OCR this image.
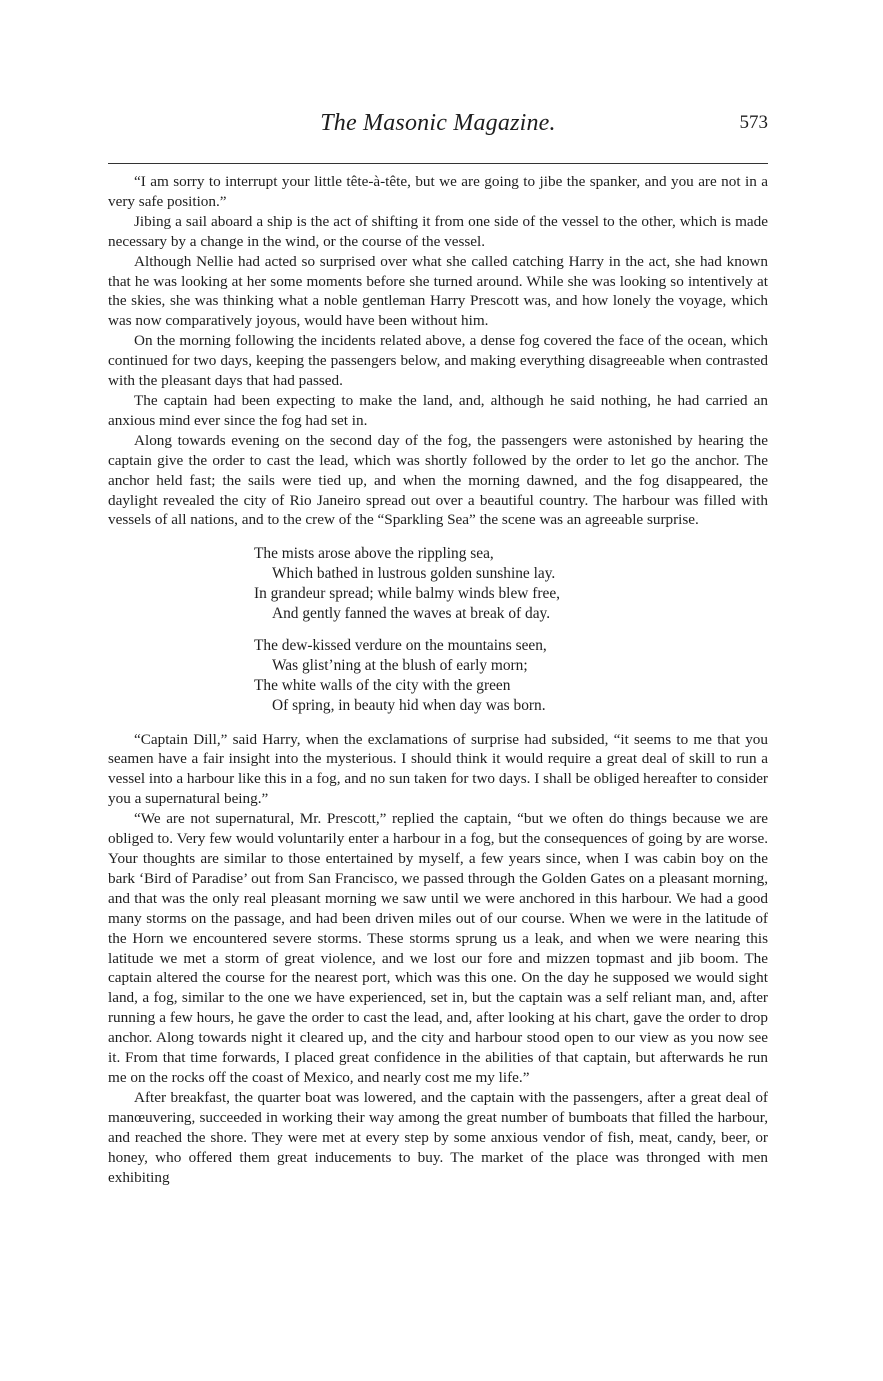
The Masonic Magazine.	573

“I am sorry to interrupt your little tête-à-tête, but we are going to jibe the spanker, and you are not in a very safe position.”

Jibing a sail aboard a ship is the act of shifting it from one side of the vessel to the other, which is made necessary by a change in the wind, or the course of the vessel.

Although Nellie had acted so surprised over what she called catching Harry in the act, she had known that he was looking at her some moments before she turned around. While she was looking so intentively at the skies, she was thinking what a noble gentleman Harry Prescott was, and how lonely the voyage, which was now comparatively joyous, would have been without him.

On the morning following the incidents related above, a dense fog covered the face of the ocean, which continued for two days, keeping the passengers below, and making everything disagreeable when contrasted with the pleasant days that had passed.

The captain had been expecting to make the land, and, although he said nothing, he had carried an anxious mind ever since the fog had set in.

Along towards evening on the second day of the fog, the passengers were astonished by hearing the captain give the order to cast the lead, which was shortly followed by the order to let go the anchor. The anchor held fast; the sails were tied up, and when the morning dawned, and the fog disappeared, the daylight revealed the city of Rio Janeiro spread out over a beautiful country. The harbour was filled with vessels of all nations, and to the crew of the “Sparkling Sea” the scene was an agreeable surprise.

The mists arose above the rippling sea,
Which bathed in lustrous golden sunshine lay.
In grandeur spread; while balmy winds blew free,
And gently fanned the waves at break of day.
The dew-kissed verdure on the mountains seen,
Was glist’ning at the blush of early morn;
The white walls of the city with the green
Of spring, in beauty hid when day was born.

“Captain Dill,” said Harry, when the exclamations of surprise had subsided, “it seems to me that you seamen have a fair insight into the mysterious. I should think it would require a great deal of skill to run a vessel into a harbour like this in a fog, and no sun taken for two days. I shall be obliged hereafter to consider you a supernatural being.”

“We are not supernatural, Mr. Prescott,” replied the captain, “but we often do things because we are obliged to. Very few would voluntarily enter a harbour in a fog, but the consequences of going by are worse. Your thoughts are similar to those entertained by myself, a few years since, when I was cabin boy on the bark ‘Bird of Paradise’ out from San Francisco, we passed through the Golden Gates on a pleasant morning, and that was the only real pleasant morning we saw until we were anchored in this harbour. We had a good many storms on the passage, and had been driven miles out of our course. When we were in the latitude of the Horn we encountered severe storms. These storms sprung us a leak, and when we were nearing this latitude we met a storm of great violence, and we lost our fore and mizzen topmast and jib boom. The captain altered the course for the nearest port, which was this one. On the day he supposed we would sight land, a fog, similar to the one we have experienced, set in, but the captain was a self reliant man, and, after running a few hours, he gave the order to cast the lead, and, after looking at his chart, gave the order to drop anchor. Along towards night it cleared up, and the city and harbour stood open to our view as you now see it. From that time forwards, I placed great confidence in the abilities of that captain, but afterwards he run me on the rocks off the coast of Mexico, and nearly cost me my life.”

After breakfast, the quarter boat was lowered, and the captain with the passengers, after a great deal of manœuvering, succeeded in working their way among the great number of bumboats that filled the harbour, and reached the shore. They were met at every step by some anxious vendor of fish, meat, candy, beer, or honey, who offered them great inducements to buy. The market of the place was thronged with men exhibiting
